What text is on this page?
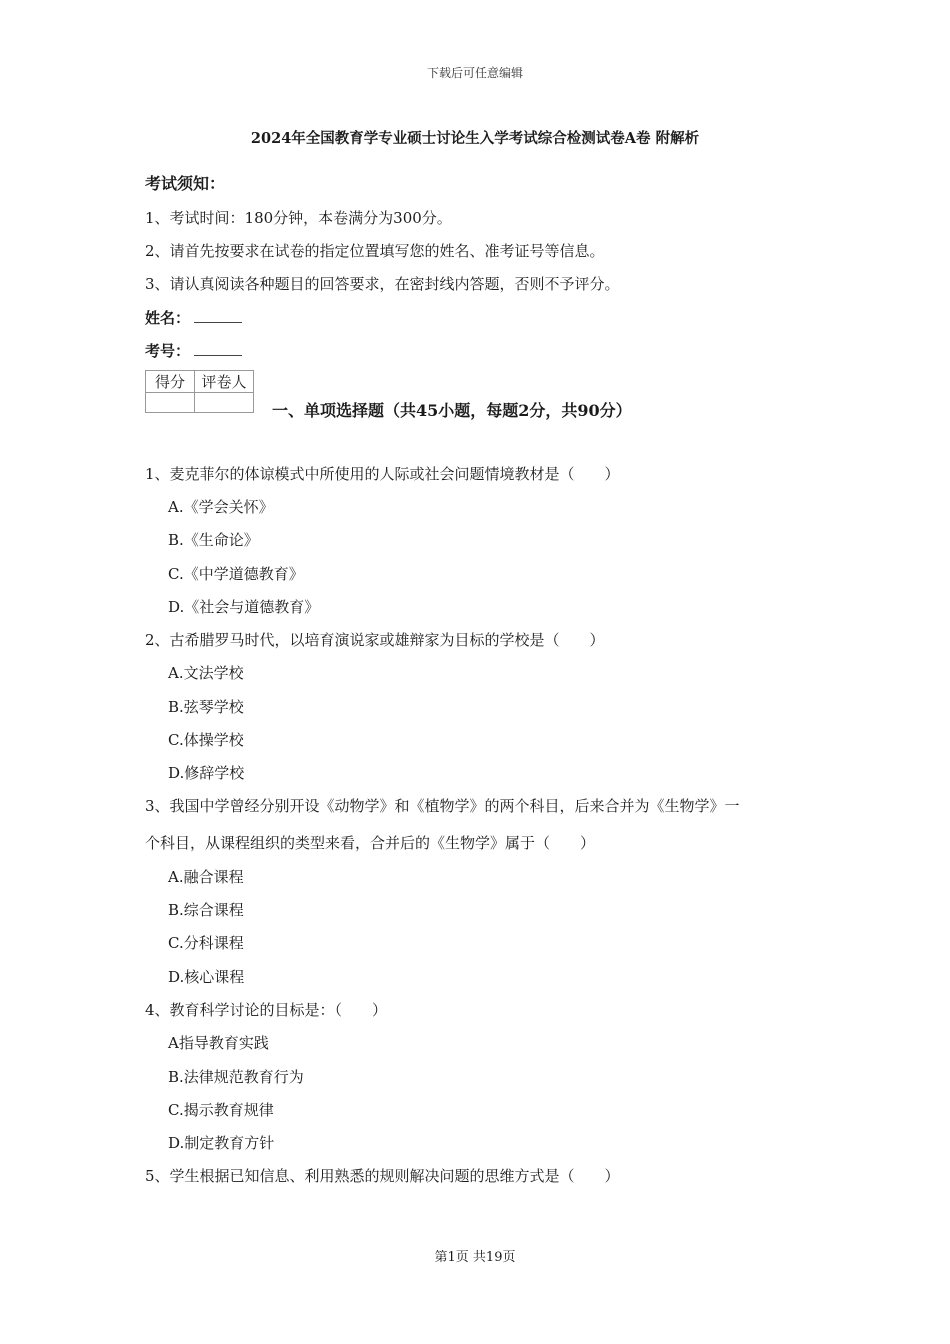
下载后可任意编辑
2024年全国教育学专业硕士讨论生入学考试综合检测试卷A卷 附解析
考试须知：
1、考试时间：180分钟，本卷满分为300分。
2、请首先按要求在试卷的指定位置填写您的姓名、准考证号等信息。
3、请认真阅读各种题目的回答要求，在密封线内答题，否则不予评分。
姓名：
考号：
得分	评卷人

一、单项选择题（共45小题，每题2分，共90分）
1、麦克菲尔的体谅模式中所使用的人际或社会问题情境教材是（　　）
A.《学会关怀》
B.《生命论》
C.《中学道德教育》
D.《社会与道德教育》
2、古希腊罗马时代，以培育演说家或雄辩家为目标的学校是（　　）
A.文法学校
B.弦琴学校
C.体操学校
D.修辞学校
3、我国中学曾经分别开设《动物学》和《植物学》的两个科目，后来合并为《生物学》一
个科目，从课程组织的类型来看，合并后的《生物学》属于（　　）
A.融合课程
B.综合课程
C.分科课程
D.核心课程
4、教育科学讨论的目标是：（　　）
A指导教育实践
B.法律规范教育行为
C.揭示教育规律
D.制定教育方针
5、学生根据已知信息、利用熟悉的规则解决问题的思维方式是（　　）
第1页 共19页
